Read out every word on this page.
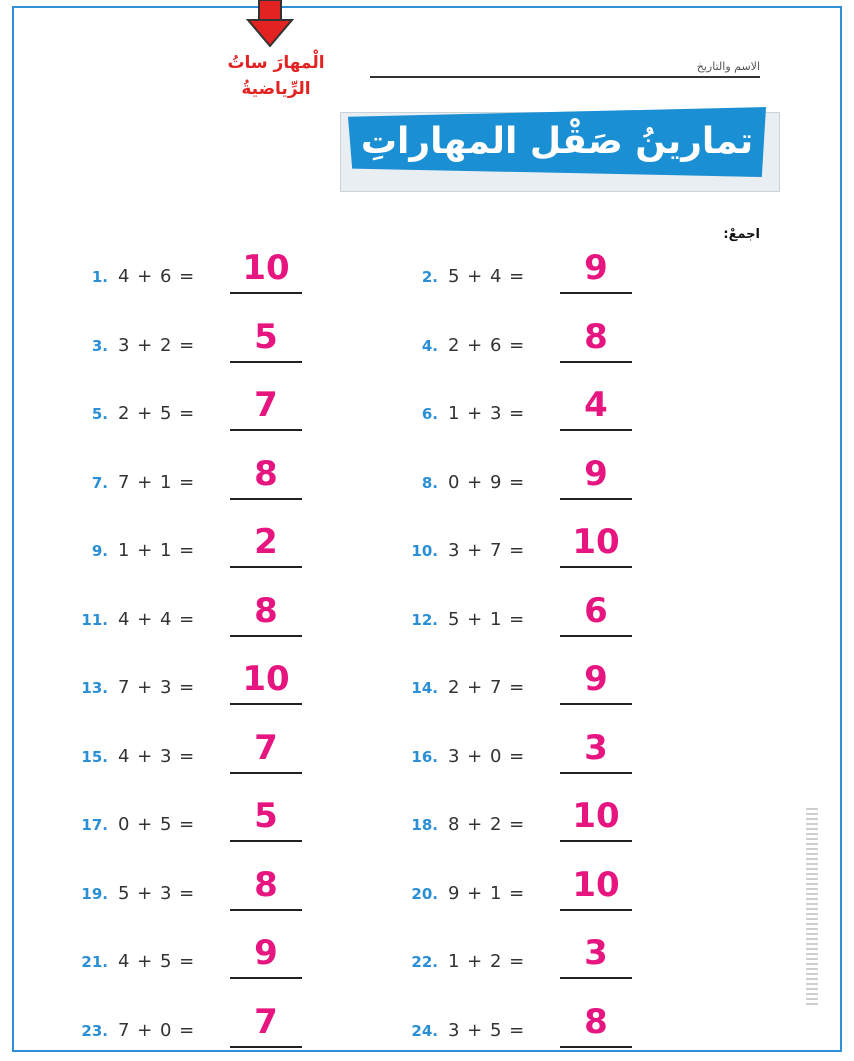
الْمهارَ ساتُ
الرِّياضيةُ
الاسم والتاريخ
تمارينُ صَقْل المهاراتِ
اجمعْ:
1. 4 + 6 =	10	2. 5 + 4 =	9
3. 3 + 2 =	5	4. 2 + 6 =	8
5. 2 + 5 =	7	6. 1 + 3 =	4
7. 7 + 1 =	8	8. 0 + 9 =	9
9. 1 + 1 =	2	10. 3 + 7 =	10
11. 4 + 4 =	8	12. 5 + 1 =	6
13. 7 + 3 =	10	14. 2 + 7 =	9
15. 4 + 3 =	7	16. 3 + 0 =	3
17. 0 + 5 =	5	18. 8 + 2 =	10
19. 5 + 3 =	8	20. 9 + 1 =	10
21. 4 + 5 =	9	22. 1 + 2 =	3
23. 7 + 0 =	7	24. 3 + 5 =	8
